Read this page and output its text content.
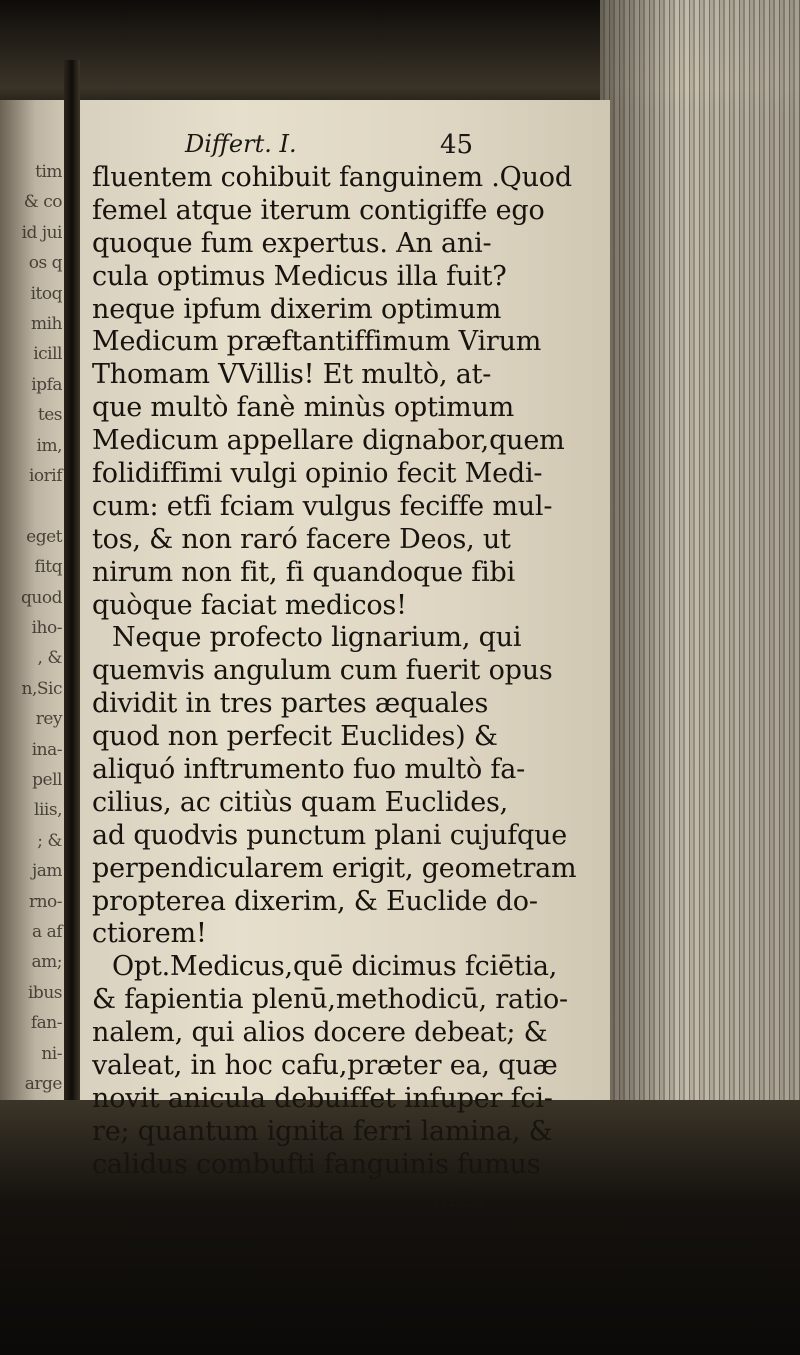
tim
& co
id jui
os q
itoq
mih
icill
ipfa
tes
im,
iorif
eget
fitq
quod
iho-
, &
n,Sic
rey
ina-
pell
liis,
; &
jam
rno-
a af
am;
ibus
fan-
ni-
arge
Differt. I.	45
fluentem cohibuit fanguinem .Quod
femel atque iterum contigiffe ego
quoque fum expertus. An ani-
cula optimus Medicus illa fuit?
neque ipfum dixerim optimum
Medicum præftantiffimum Virum
Thomam VVillis! Et multò, at-
que multò fanè minùs optimum
Medicum appellare dignabor,quem
folidiffimi vulgi opinio fecit Medi-
cum: etfi fciam vulgus feciffe mul-
tos, & non raró facere Deos, ut
nirum non fit, fi quandoque fibi
quòque faciat medicos!
Neque profecto lignarium, qui
quemvis angulum cum fuerit opus
dividit in tres partes æquales
quod non perfecit Euclides) &
aliquó inftrumento fuo multò fa-
cilius, ac citiùs quam Euclides,
ad quodvis punctum plani cujufque
perpendicularem erigit, geometram
propterea dixerim, & Euclide do-
ctiorem!
Opt.Medicus,quē dicimus fciētia,
& fapientia plenū,methodicū, ratio-
nalem, qui alios docere debeat; &
valeat, in hoc cafu,præter ea, quæ
novit anicula debuiffet infuper fci-
re; quantum ignita ferri lamina, &
calidus combufti fanguinis fumus
ore,
